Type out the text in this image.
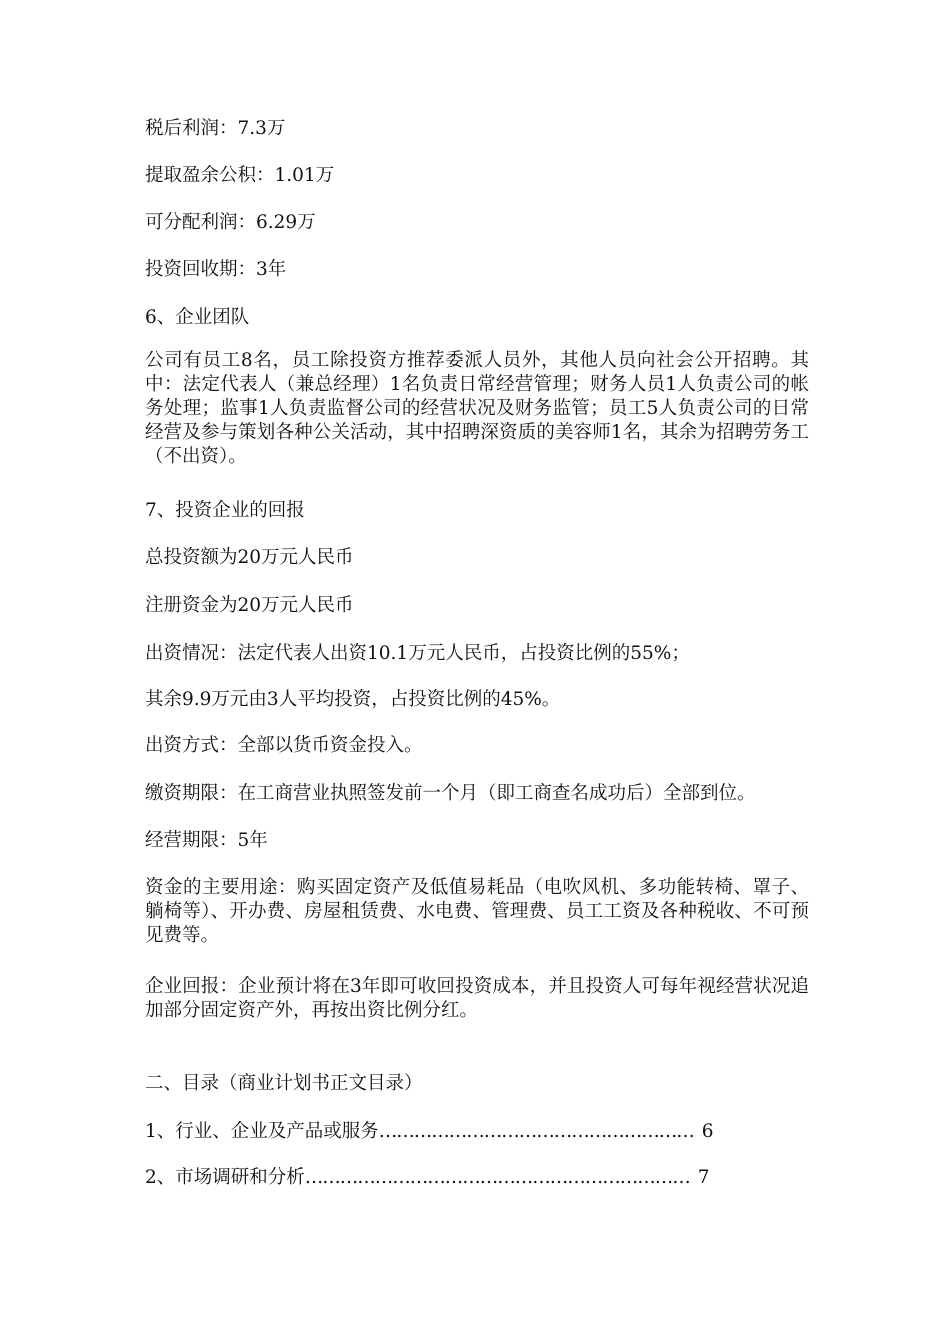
税后利润：7.3万
提取盈余公积：1.01万
可分配利润：6.29万
投资回收期：3年
6、企业团队
公司有员工8名，员工除投资方推荐委派人员外，其他人员向社会公开招聘。其中：法定代表人（兼总经理）1名负责日常经营管理；财务人员1人负责公司的帐务处理；监事1人负责监督公司的经营状况及财务监管；员工5人负责公司的日常经营及参与策划各种公关活动，其中招聘深资质的美容师1名，其余为招聘劳务工（不出资）。
7、投资企业的回报
总投资额为20万元人民币
注册资金为20万元人民币
出资情况：法定代表人出资10.1万元人民币，占投资比例的55%；
其余9.9万元由3人平均投资，占投资比例的45%。
出资方式：全部以货币资金投入。
缴资期限：在工商营业执照签发前一个月（即工商查名成功后）全部到位。
经营期限：5年
资金的主要用途：购买固定资产及低值易耗品（电吹风机、多功能转椅、罩子、躺椅等）、开办费、房屋租赁费、水电费、管理费、员工工资及各种税收、不可预见费等。
企业回报：企业预计将在3年即可收回投资成本，并且投资人可每年视经营状况追加部分固定资产外，再按出资比例分红。
二、目录（商业计划书正文目录）
1、行业、企业及产品或服务 ……………………………………………… 6
2、市场调研和分析 ………………………………………………………… 7
